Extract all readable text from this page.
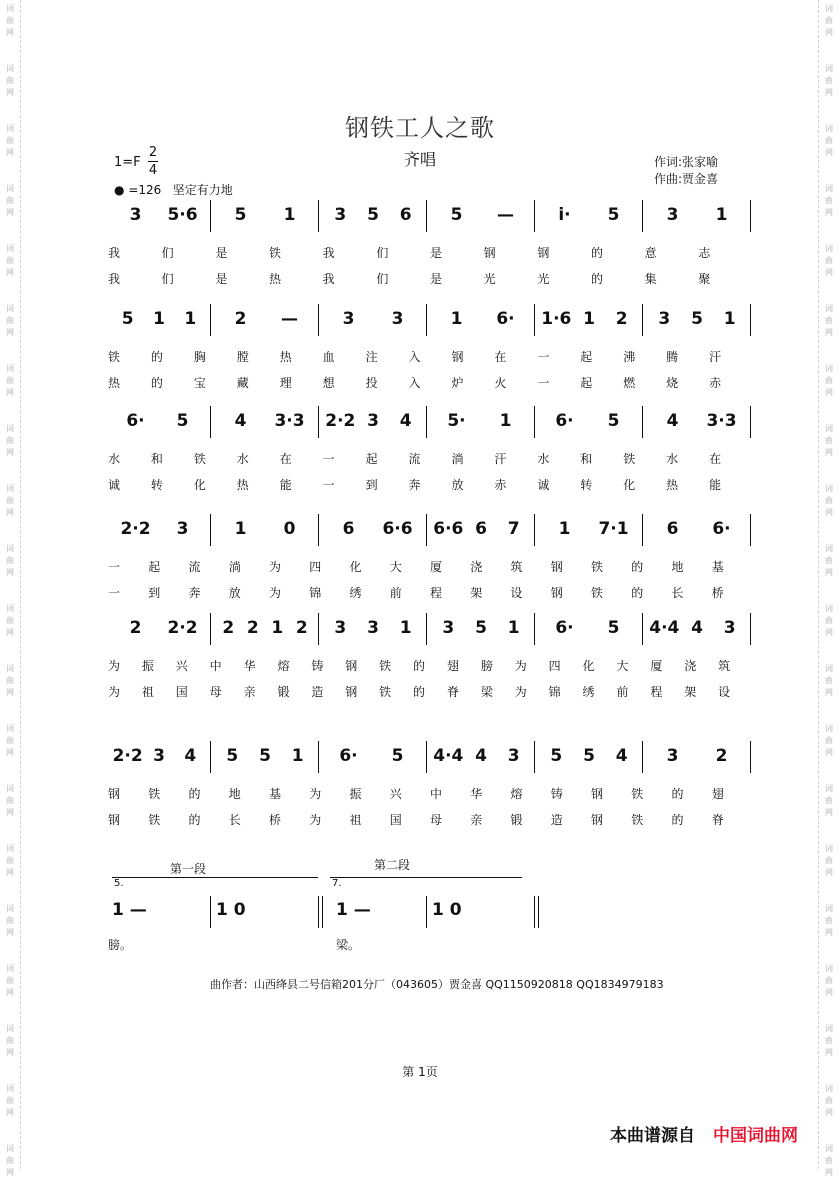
词
曲
网
词
曲
网
词
曲
网
词
曲
网
词
曲
网
词
曲
网
词
曲
网
词
曲
网
词
曲
网
词
曲
网
词
曲
网
词
曲
网
词
曲
网
词
曲
网
词
曲
网
词
曲
网
词
曲
网
词
曲
网
词
曲
网
词
曲
网
词
曲
网
词
曲
网
词
曲
网
词
曲
网
词
曲
网
词
曲
网
词
曲
网
词
曲
网
词
曲
网
词
曲
网
词
曲
网
词
曲
网
词
曲
网
词
曲
网
词
曲
网
词
曲
网
词
曲
网
词
曲
网
词
曲
网
词
曲
网
钢铁工人之歌
齐唱
1=F
2
4
● =126 坚定有力地
作词:张家喻
作曲:贾金喜
3	5·6	5	1	3	5	6	5	—	i·	5	3	1
我	们	是	铁	我	们	是	钢	钢	的	意	志
我	们	是	热	我	们	是	光	光	的	集	聚
5	1	1	2	—	3	3	1	6·	1·6 1	2	3	5	1
铁	的	胸	膛	热	血	注	入	钢	在	一	起	沸	腾	汗
热	的	宝	藏	理	想	投	入	炉	火	一	起	燃	烧	赤
6·	5	4	3·3 2·2 3	4	5·	1	6·	5	4	3·3
水	和	铁	水	在	一	起	流	淌	汗	水	和	铁	水	在
诚	转	化	热	能	一	到	奔	放	赤	诚	转	化	热	能
2·2	3	1	0	6	6·6 6·6 6	7	1	7·1	6	6·
一 起 流 淌 为 四 化 大 厦 浇 筑 钢 铁 的 地 基
一 到 奔 放 为 锦 绣 前 程 架 设 钢 铁 的 长 桥
2	2·2	2 2 1 2	3	3	1	3	5	1	6·	5	4·4 4	3
为 振 兴 中 华 熔 铸 钢 铁 的 翅 膀 为 四 化 大 厦 浇 筑
为 祖 国 母 亲 锻 造 钢 铁 的 脊 梁 为 锦 绣 前 程 架 设
2·2 3	4	5	5	1	6·	5	4·4 4	3	5	5	4	3	2
钢 铁 的 地 基 为 振 兴 中 华 熔 铸 钢 铁 的 翅
钢 铁 的 长 桥 为 祖 国 母 亲 锻 造 钢 铁 的 脊
1 —	1 0	1 —	1 0
5.	7.
膀。	梁。
第一段	第二段
曲作者：山西绛县二号信箱201分厂（043605）贾金喜 QQ1150920818 QQ1834979183
第 1页
本曲谱源自 中国词曲网
